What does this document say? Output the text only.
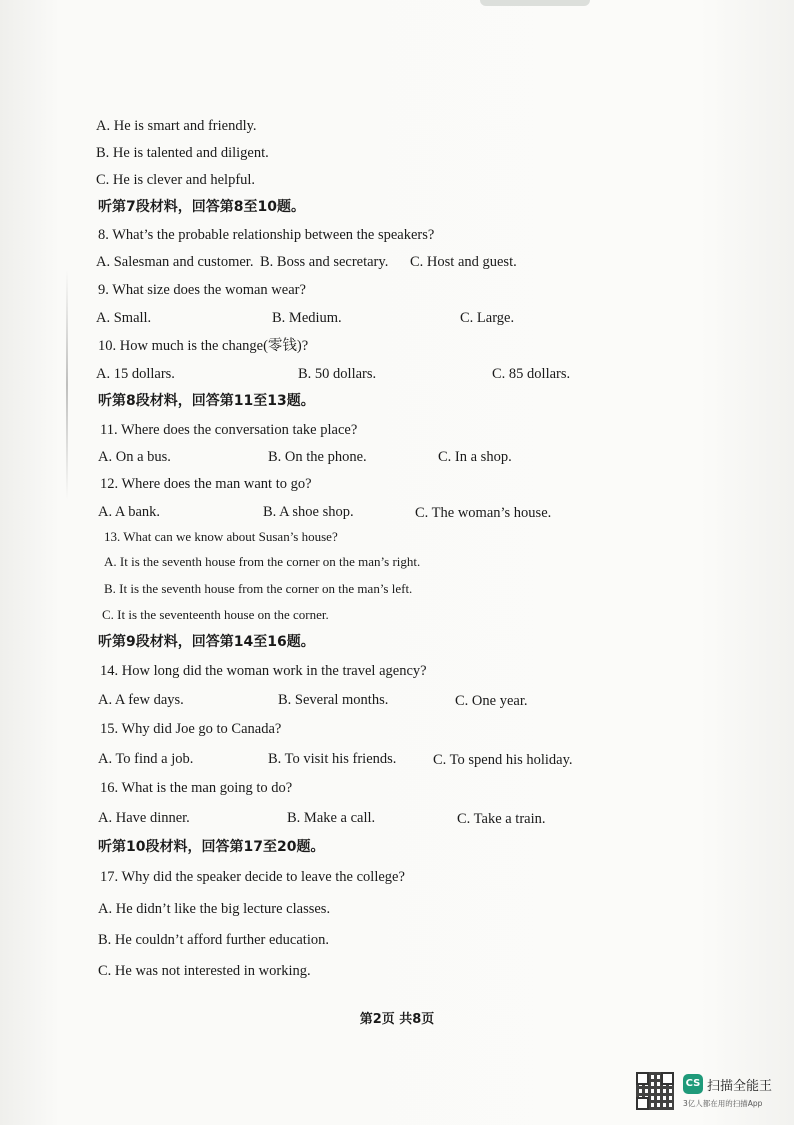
A. He is smart and friendly.
B. He is talented and diligent.
C. He is clever and helpful.
听第7段材料，回答第8至10题。
8. What’s the probable relationship between the speakers?
A. Salesman and customer. B. Boss and secretary. C. Host and guest.
9. What size does the woman wear?
A. Small.	B. Medium.	C. Large.
10. How much is the change(零钱)?
A. 15 dollars.	B. 50 dollars.	C. 85 dollars.
听第8段材料，回答第11至13题。
11. Where does the conversation take place?
A. On a bus.	B. On the phone.	C. In a shop.
12. Where does the man want to go?
A. A bank.	B. A shoe shop.	C. The woman’s house.
13. What can we know about Susan’s house?
A. It is the seventh house from the corner on the man’s right.
B. It is the seventh house from the corner on the man’s left.
C. It is the seventeenth house on the corner.
听第9段材料，回答第14至16题。
14. How long did the woman work in the travel agency?
A. A few days.	B. Several months.	C. One year.
15. Why did Joe go to Canada?
A. To find a job.	B. To visit his friends.	C. To spend his holiday.
16. What is the man going to do?
A. Have dinner.	B. Make a call.	C. Take a train.
听第10段材料，回答第17至20题。
17. Why did the speaker decide to leave the college?
A. He didn’t like the big lecture classes.
B. He couldn’t afford further education.
C. He was not interested in working.
第2页 共8页
CS 扫描全能王
3亿人都在用的扫描App
